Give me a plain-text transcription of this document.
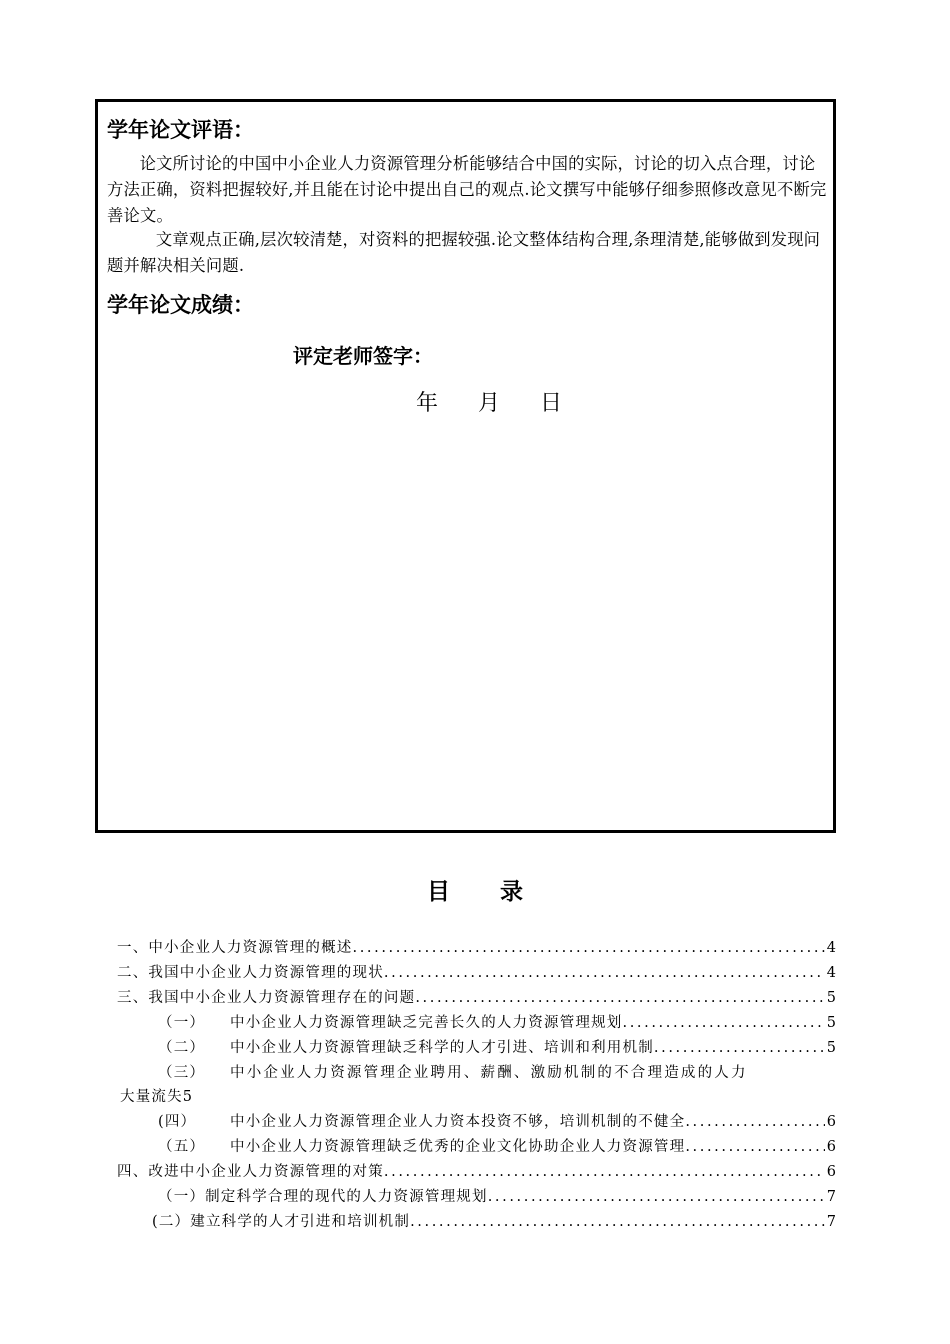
学年论文评语：

论文所讨论的中国中小企业人力资源管理分析能够结合中国的实际，讨论的切入点合理，讨论方法正确，资料把握较好,并且能在讨论中提出自己的观点.论文撰写中能够仔细参照修改意见不断完善论文。

文章观点正确,层次较清楚，对资料的把握较强.论文整体结构合理,条理清楚,能够做到发现问题并解决相关问题.

学年论文成绩：
评定老师签字：
年 月 日
目录
一、中小企业人力资源管理的概述 .....	4
二、我国中小企业人力资源管理的现状 .....	4
三、我国中小企业人力资源管理存在的问题 .....	5
（一） 中小企业人力资源管理缺乏完善长久的人力资源管理规划 .....	5
（二） 中小企业人力资源管理缺乏科学的人才引进、培训和利用机制 .....	5
（三）	中小企业人力资源管理企业聘用、薪酬、激励机制的不合理造成的人力
大量流失5
(四） 中小企业人力资源管理企业人力资本投资不够，培训机制的不健全 .....	6
（五） 中小企业人力资源管理缺乏优秀的企业文化协助企业人力资源管理 .....	6
四、改进中小企业人力资源管理的对策 .....	6
（一）制定科学合理的现代的人力资源管理规划 .....	7
(二）建立科学的人才引进和培训机制 .....	7
